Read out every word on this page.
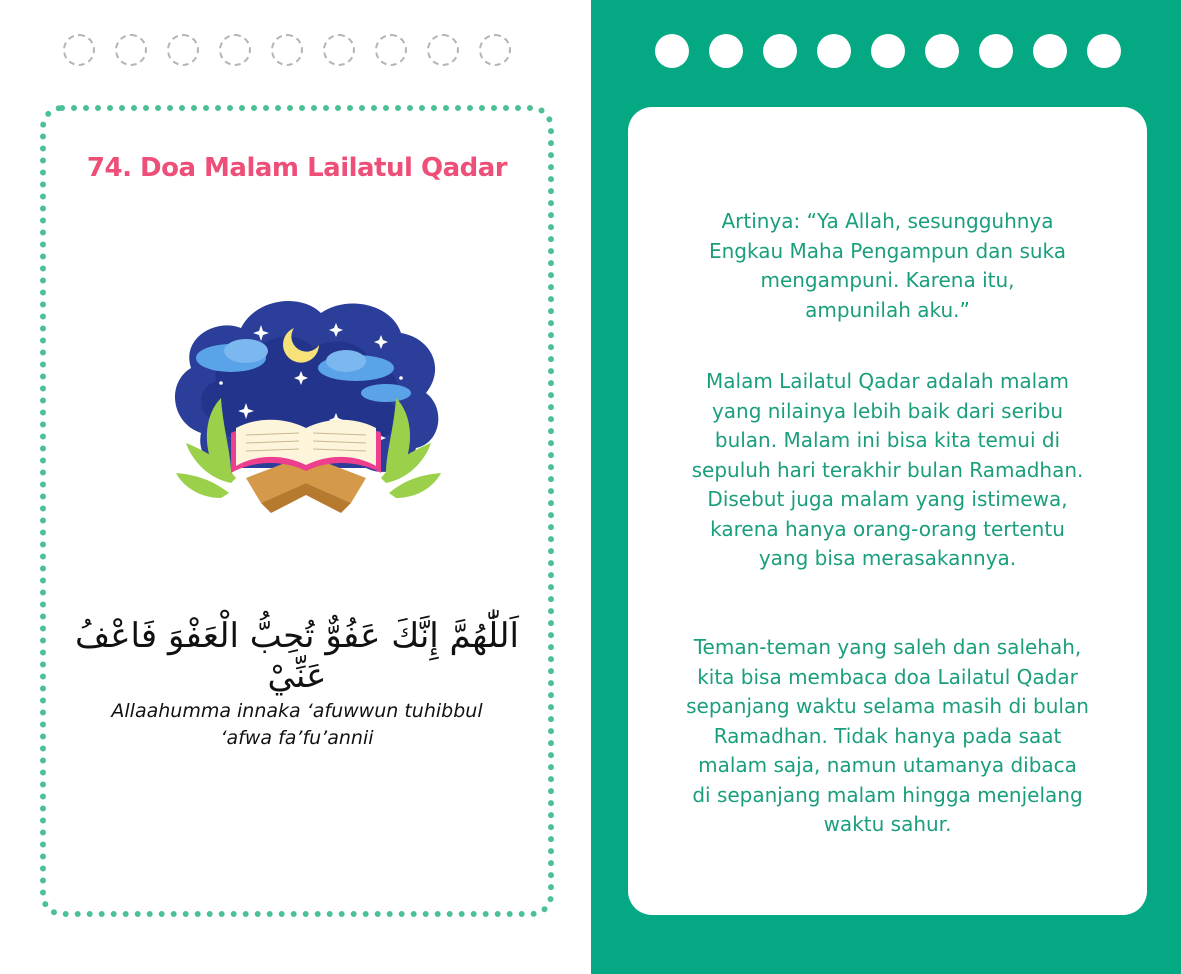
74. Doa Malam Lailatul Qadar
اَللّٰهُمَّ إِنَّكَ عَفُوٌّ تُحِبُّ الْعَفْوَ فَاعْفُ عَنِّيْ
Allaahumma innaka ‘afuwwun tuhibbul
‘afwa fa’fu’annii
Artinya: “Ya Allah, sesungguhnya
Engkau Maha Pengampun dan suka
mengampuni. Karena itu,
ampunilah aku.”
Malam Lailatul Qadar adalah malam
yang nilainya lebih baik dari seribu
bulan. Malam ini bisa kita temui di
sepuluh hari terakhir bulan Ramadhan.
Disebut juga malam yang istimewa,
karena hanya orang-orang tertentu
yang bisa merasakannya.
Teman-teman yang saleh dan salehah,
kita bisa membaca doa Lailatul Qadar
sepanjang waktu selama masih di bulan
Ramadhan. Tidak hanya pada saat
malam saja, namun utamanya dibaca
di sepanjang malam hingga menjelang
waktu sahur.
